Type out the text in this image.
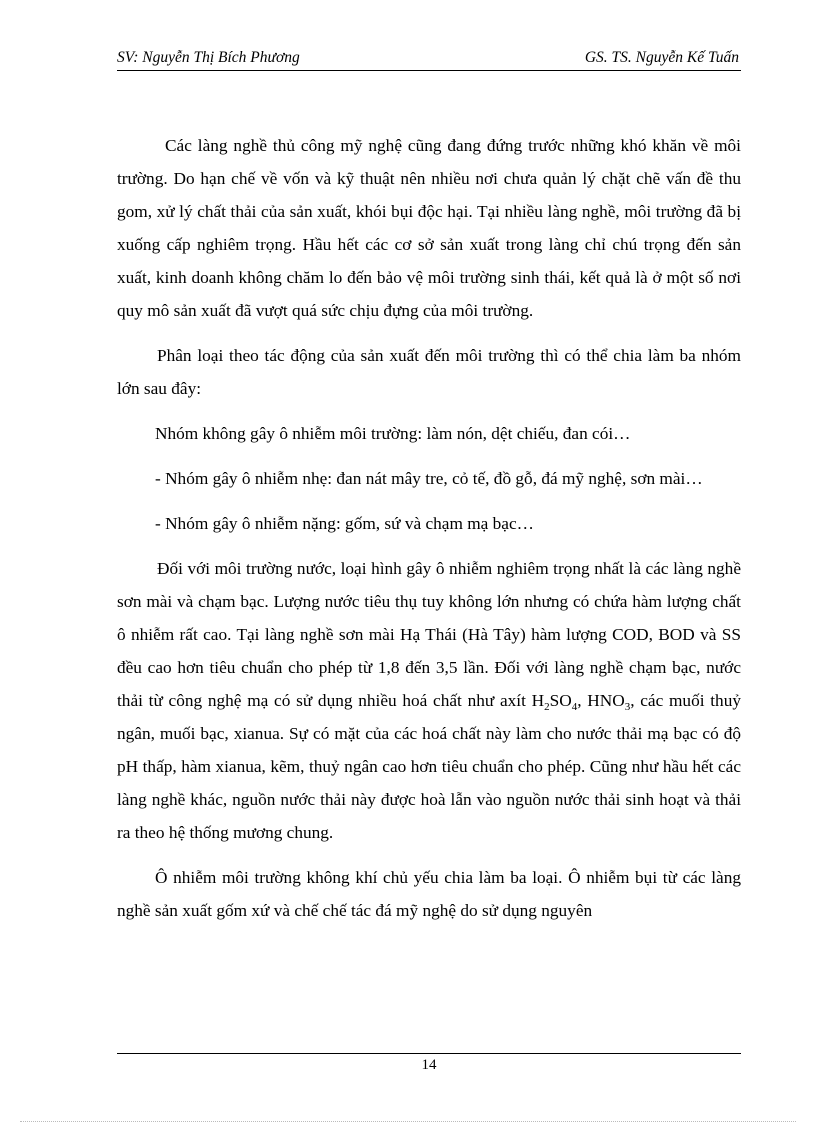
SV: Nguyễn Thị Bích Phương	GS. TS. Nguyễn Kế Tuấn

Các làng nghề thủ công mỹ nghệ cũng đang đứng trước những khó khăn về môi trường. Do hạn chế về vốn và kỹ thuật nên nhiều nơi chưa quản lý chặt chẽ vấn đề thu gom, xử lý chất thải của sản xuất, khói bụi độc hại. Tại nhiều làng nghề, môi trường đã bị xuống cấp nghiêm trọng. Hầu hết các cơ sở sản xuất trong làng chỉ chú trọng đến sản xuất, kinh doanh không chăm lo đến bảo vệ môi trường sinh thái, kết quả là ở một số nơi quy mô sản xuất đã vượt quá sức chịu đựng của môi trường.

Phân loại theo tác động của sản xuất đến môi trường thì có thể chia làm ba nhóm lớn sau đây:

Nhóm không gây ô nhiễm môi trường: làm nón, dệt chiếu, đan cói…

- Nhóm gây ô nhiễm nhẹ: đan nát mây tre, cỏ tế, đồ gỗ, đá mỹ nghệ, sơn mài…

- Nhóm gây ô nhiễm nặng: gốm, sứ và chạm mạ bạc…

Đối với môi trường nước, loại hình gây ô nhiễm nghiêm trọng nhất là các làng nghề sơn mài và chạm bạc. Lượng nước tiêu thụ tuy không lớn nhưng có chứa hàm lượng chất ô nhiễm rất cao. Tại làng nghề sơn mài Hạ Thái (Hà Tây) hàm lượng COD, BOD và SS đều cao hơn tiêu chuẩn cho phép từ 1,8 đến 3,5 lần. Đối với làng nghề chạm bạc, nước thải từ công nghệ mạ có sử dụng nhiều hoá chất như axít $H_2SO_4$, $HNO_3$, các muối thuỷ ngân, muối bạc, xianua. Sự có mặt của các hoá chất này làm cho nước thải mạ bạc có độ pH thấp, hàm xianua, kẽm, thuỷ ngân cao hơn tiêu chuẩn cho phép. Cũng như hầu hết các làng nghề khác, nguồn nước thải này được hoà lẫn vào nguồn nước thải sinh hoạt và thải ra theo hệ thống mương chung.

Ô nhiễm môi trường không khí chủ yếu chia làm ba loại. Ô nhiễm bụi từ các làng nghề sản xuất gốm xứ và chế chế tác đá mỹ nghệ do sử dụng nguyên

14
